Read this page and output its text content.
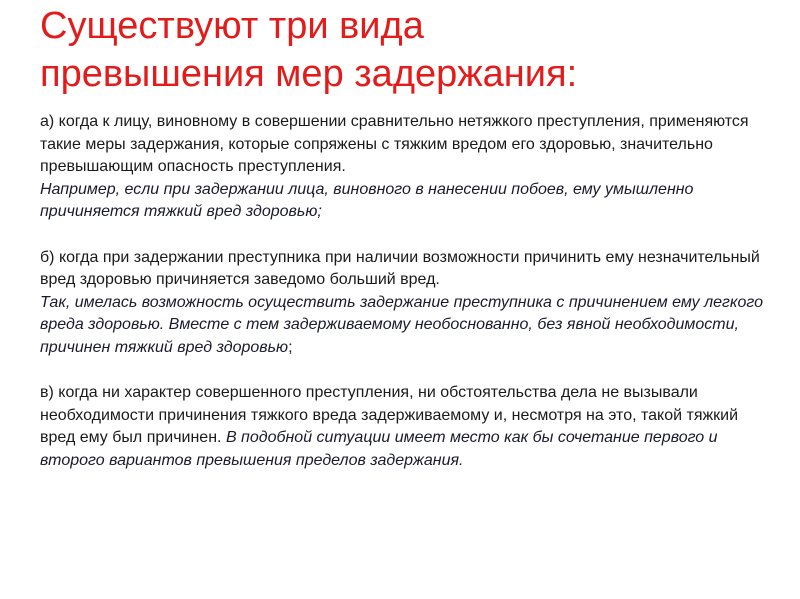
Существуют три вида
превышения мер задержания:

а) когда к лицу, виновному в совершении сравнительно нетяжкого преступления, применяются такие меры задержания, которые сопряжены с тяжким вредом его здоровью, значительно превышающим опасность преступления.
Например, если при задержании лица, виновного в нанесении побоев, ему умышленно причиняется тяжкий вред здоровью;

б) когда при задержании преступника при наличии возможности причинить ему незначительный вред здоровью причиняется заведомо больший вред.
Так, имелась возможность осуществить задержание преступника с причинением ему легкого вреда здоровью. Вместе с тем задерживаемому необоснованно, без явной необходимости, причинен тяжкий вред здоровью;

в) когда ни характер совершенного преступления, ни обстоятельства дела не вызывали необходимости причинения тяжкого вреда задерживаемому и, несмотря на это, такой тяжкий вред ему был причинен. В подобной ситуации имеет место как бы сочетание первого и второго вариантов превышения пределов задержания.
